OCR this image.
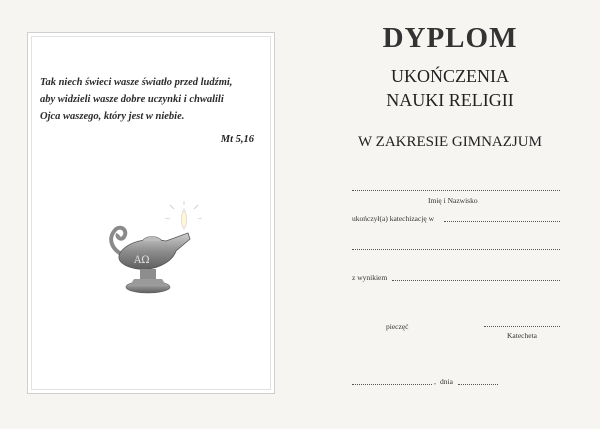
Tak niech świeci wasze światło przed ludźmi,
aby widzieli wasze dobre uczynki i chwalili
Ojca waszego, który jest w niebie.
Mt 5,16
ΑΩ
DYPLOM
UKOŃCZENIA
NAUKI RELIGII
W ZAKRESIE GIMNAZJUM
Imię i Nazwisko
ukończył(a) katechizację w
z wynikiem
pieczęć
Katecheta
, dnia
